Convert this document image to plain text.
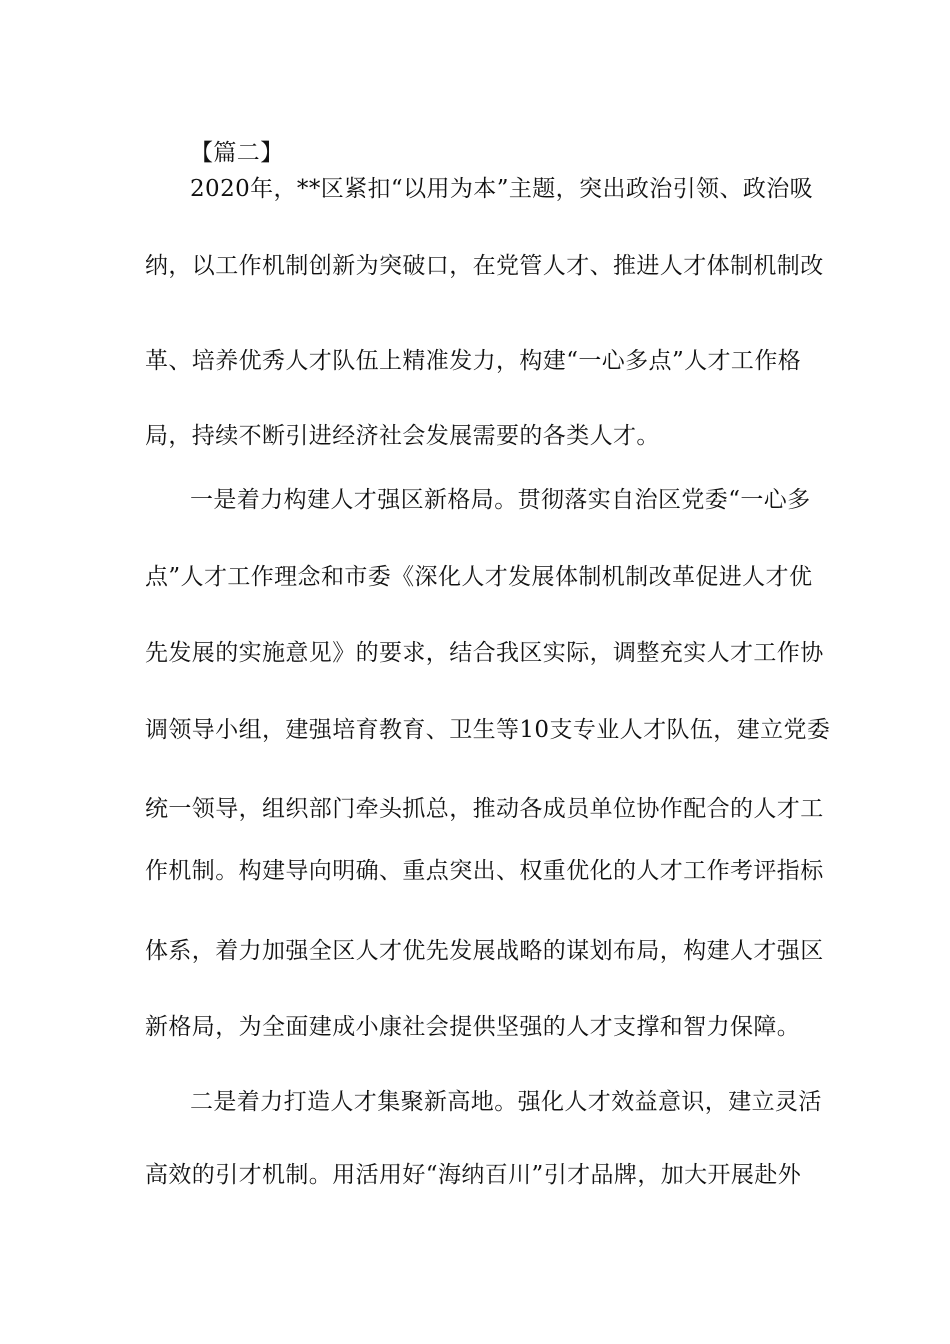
【篇二】
2020年，**区紧扣“以用为本”主题，突出政治引领、政治吸
纳，以工作机制创新为突破口，在党管人才、推进人才体制机制改
革、培养优秀人才队伍上精准发力，构建“一心多点”人才工作格
局，持续不断引进经济社会发展需要的各类人才。
一是着力构建人才强区新格局。贯彻落实自治区党委“一心多
点”人才工作理念和市委《深化人才发展体制机制改革促进人才优
先发展的实施意见》的要求，结合我区实际，调整充实人才工作协
调领导小组，建强培育教育、卫生等10支专业人才队伍，建立党委
统一领导，组织部门牵头抓总，推动各成员单位协作配合的人才工
作机制。构建导向明确、重点突出、权重优化的人才工作考评指标
体系，着力加强全区人才优先发展战略的谋划布局，构建人才强区
新格局，为全面建成小康社会提供坚强的人才支撑和智力保障。
二是着力打造人才集聚新高地。强化人才效益意识，建立灵活
高效的引才机制。用活用好“海纳百川”引才品牌，加大开展赴外
